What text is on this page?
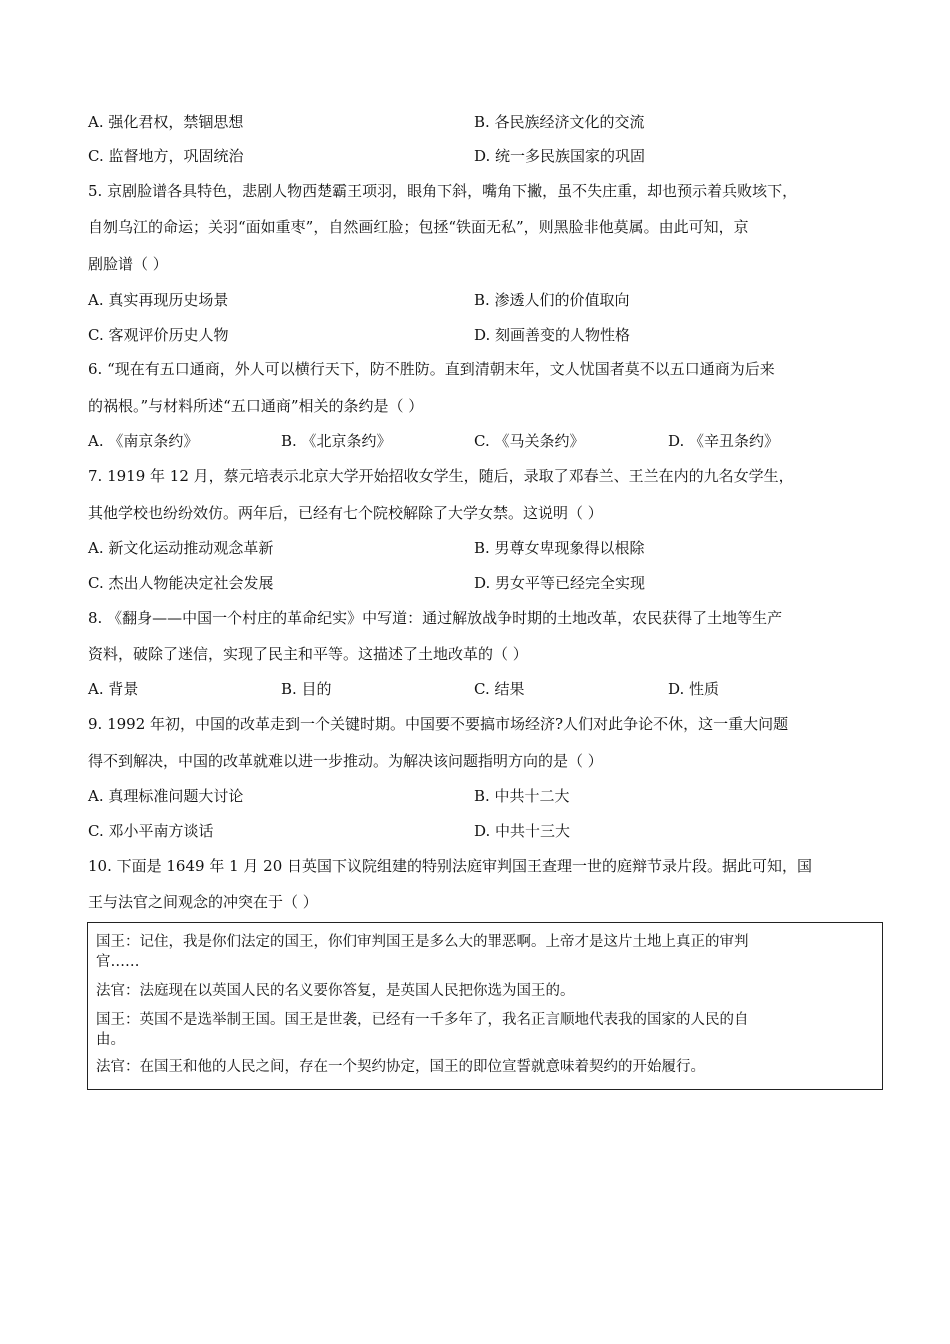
A. 强化君权，禁锢思想	B. 各民族经济文化的交流
C. 监督地方，巩固统治	D. 统一多民族国家的巩固
5. 京剧脸谱各具特色，悲剧人物西楚霸王项羽，眼角下斜，嘴角下撇，虽不失庄重，却也预示着兵败垓下，
自刎乌江的命运；关羽“面如重枣”，自然画红脸；包拯“铁面无私”，则黑脸非他莫属。由此可知，京
剧脸谱（ ）
A. 真实再现历史场景	B. 渗透人们的价值取向
C. 客观评价历史人物	D. 刻画善变的人物性格
6. “现在有五口通商，外人可以横行天下，防不胜防。直到清朝末年，文人忧国者莫不以五口通商为后来
的祸根。”与材料所述“五口通商”相关的条约是（ ）
A. 《南京条约》	B. 《北京条约》	C. 《马关条约》	D. 《辛丑条约》
7. 1919 年 12 月，蔡元培表示北京大学开始招收女学生，随后，录取了邓春兰、王兰在内的九名女学生，
其他学校也纷纷效仿。两年后，已经有七个院校解除了大学女禁。这说明（ ）
A. 新文化运动推动观念革新	B. 男尊女卑现象得以根除
C. 杰出人物能决定社会发展	D. 男女平等已经完全实现
8. 《翻身——中国一个村庄的革命纪实》中写道：通过解放战争时期的土地改革，农民获得了土地等生产
资料，破除了迷信，实现了民主和平等。这描述了土地改革的（ ）
A. 背景	B. 目的	C. 结果	D. 性质
9. 1992 年初，中国的改革走到一个关键时期。中国要不要搞市场经济?人们对此争论不休，这一重大问题
得不到解决，中国的改革就难以进一步推动。为解决该问题指明方向的是（ ）
A. 真理标准问题大讨论	B. 中共十二大
C. 邓小平南方谈话	D. 中共十三大
10. 下面是 1649 年 1 月 20 日英国下议院组建的特别法庭审判国王查理一世的庭辩节录片段。据此可知，国
王与法官之间观念的冲突在于（ ）
国王：记住，我是你们法定的国王，你们审判国王是多么大的罪恶啊。上帝才是这片土地上真正的审判
官……
法官：法庭现在以英国人民的名义要你答复，是英国人民把你选为国王的。
国王：英国不是选举制王国。国王是世袭，已经有一千多年了，我名正言顺地代表我的国家的人民的自
由。
法官：在国王和他的人民之间，存在一个契约协定，国王的即位宣誓就意味着契约的开始履行。
